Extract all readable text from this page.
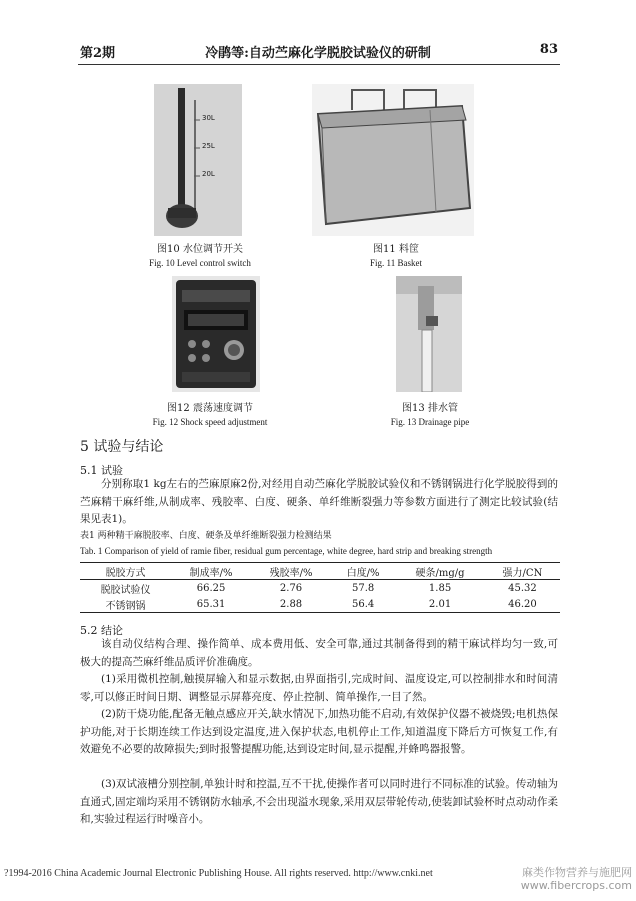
第2期	冷鹃等:自动苎麻化学脱胶试验仪的研制	83
30L
25L
20L
图10 水位调节开关
Fig. 10 Level control switch
图11 料筐
Fig. 11 Basket
图12 震荡速度调节
Fig. 12 Shock speed adjustment
图13 排水管
Fig. 13 Drainage pipe
5 试验与结论
5.1 试验
分别称取1 kg左右的苎麻原麻2份,对经用自动苎麻化学脱胶试验仪和不锈钢锅进行化学脱胶得到的苎麻精干麻纤维,从制成率、残胶率、白度、硬条、单纤维断裂强力等参数方面进行了测定比较试验(结果见表1)。
表1 两种精干麻脱胶率、白度、硬条及单纤维断裂强力检测结果
Tab. 1 Comparison of yield of ramie fiber, residual gum percentage, white degree, hard strip and breaking strength
脱胶方式	制成率/%	残胶率/%	白度/%	硬条/mg/g	强力/CN
脱胶试验仪	66.25	2.76	57.8	1.85	45.32
不锈钢锅	65.31	2.88	56.4	2.01	46.20
5.2 结论
该自动仪结构合理、操作简单、成本费用低、安全可靠,通过其制备得到的精干麻试样均匀一致,可极大的提高苎麻纤维品质评价准确度。
(1)采用微机控制,触摸屏输入和显示数据,由界面指引,完成时间、温度设定,可以控制排水和时间清零,可以修正时间日期、调整显示屏幕亮度、停止控制、简单操作,一目了然。
(2)防干烧功能,配备无触点感应开关,缺水情况下,加热功能不启动,有效保护仪器不被烧毁;电机热保护功能,对于长期连续工作达到设定温度,进入保护状态,电机停止工作,知道温度下降后方可恢复工作,有效避免不必要的故障损失;到时报警提醒功能,达到设定时间,显示提醒,并蜂鸣器报警。
(3)双试液槽分别控制,单独计时和控温,互不干扰,使操作者可以同时进行不同标准的试验。传动轴为直通式,固定端均采用不锈钢防水轴承,不会出现溢水现象,采用双层带轮传动,使装卸试验杯时点动动作柔和,实验过程运行时噪音小。
?1994-2016 China Academic Journal Electronic Publishing House. All rights reserved. http://www.cnki.net	麻类作物营养与施肥网
www.fibercrops.com
